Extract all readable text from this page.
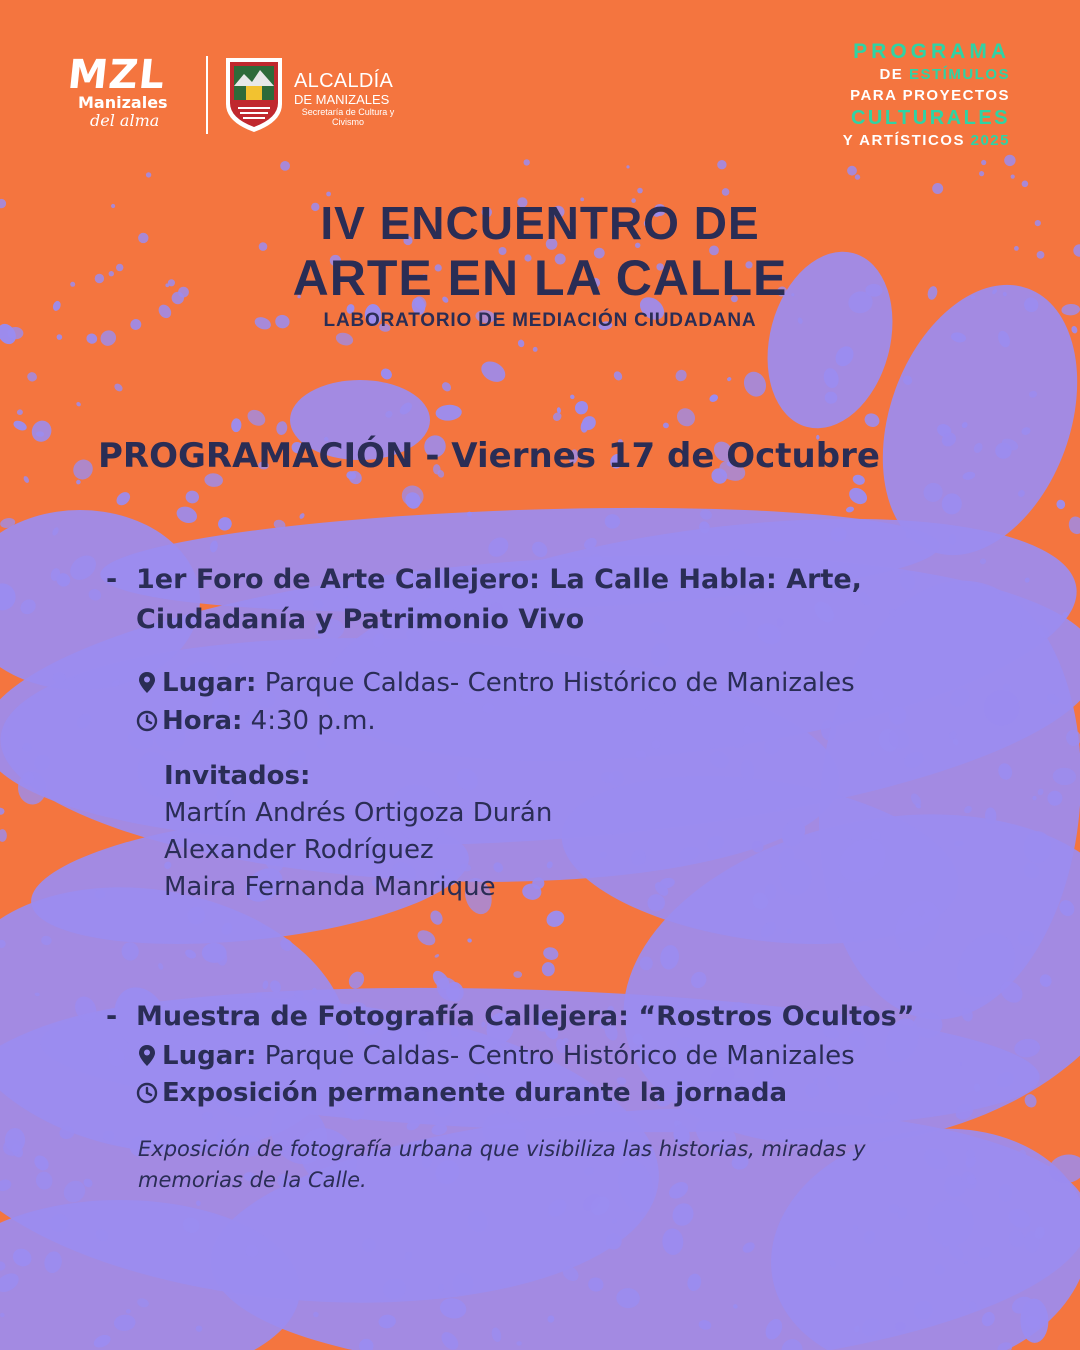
MZL
Manizales
del alma
ALCALDÍA
DE MANIZALES
Secretaría de Cultura y Civismo
PROGRAMA
DE ESTÍMULOS
PARA PROYECTOS
CULTURALES
Y ARTÍSTICOS 2025
IV ENCUENTRO DE
ARTE EN LA CALLE
LABORATORIO DE MEDIACIÓN CIUDADANA
PROGRAMACIÓN - Viernes 17 de Octubre
- 1er Foro de Arte Callejero: La Calle Habla: Arte, Ciudadanía y Patrimonio Vivo
Lugar: Parque Caldas- Centro Histórico de Manizales
Hora: 4:30 p.m.
Invitados:
Martín Andrés Ortigoza Durán
Alexander Rodríguez
Maira Fernanda Manrique
- Muestra de Fotografía Callejera: “Rostros Ocultos”
Lugar: Parque Caldas- Centro Histórico de Manizales
Exposición permanente durante la jornada
Exposición de fotografía urbana que visibiliza las historias, miradas y memorias de la Calle.
